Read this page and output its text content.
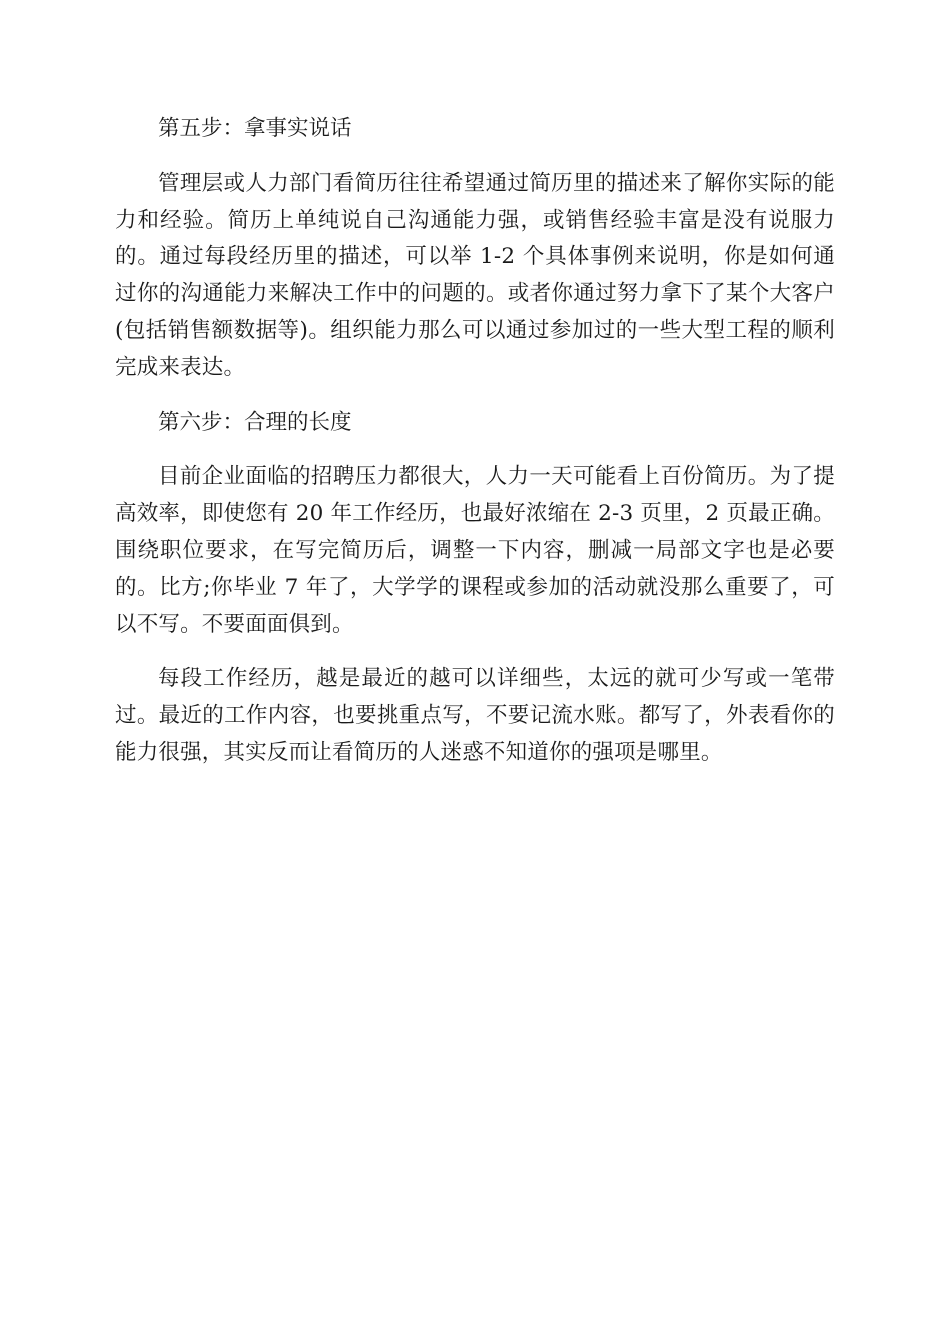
第五步：拿事实说话

管理层或人力部门看简历往往希望通过简历里的描述来了解你实际的能力和经验。简历上单纯说自己沟通能力强，或销售经验丰富是没有说服力的。通过每段经历里的描述，可以举 1-2 个具体事例来说明，你是如何通过你的沟通能力来解决工作中的问题的。或者你通过努力拿下了某个大客户(包括销售额数据等)。组织能力那么可以通过参加过的一些大型工程的顺利完成来表达。

第六步：合理的长度

目前企业面临的招聘压力都很大，人力一天可能看上百份简历。为了提高效率，即使您有 20 年工作经历，也最好浓缩在 2-3 页里，2 页最正确。围绕职位要求，在写完简历后，调整一下内容，删减一局部文字也是必要的。比方;你毕业 7 年了，大学学的课程或参加的活动就没那么重要了，可以不写。不要面面俱到。

每段工作经历，越是最近的越可以详细些，太远的就可少写或一笔带过。最近的工作内容，也要挑重点写，不要记流水账。都写了，外表看你的能力很强，其实反而让看简历的人迷惑不知道你的强项是哪里。
